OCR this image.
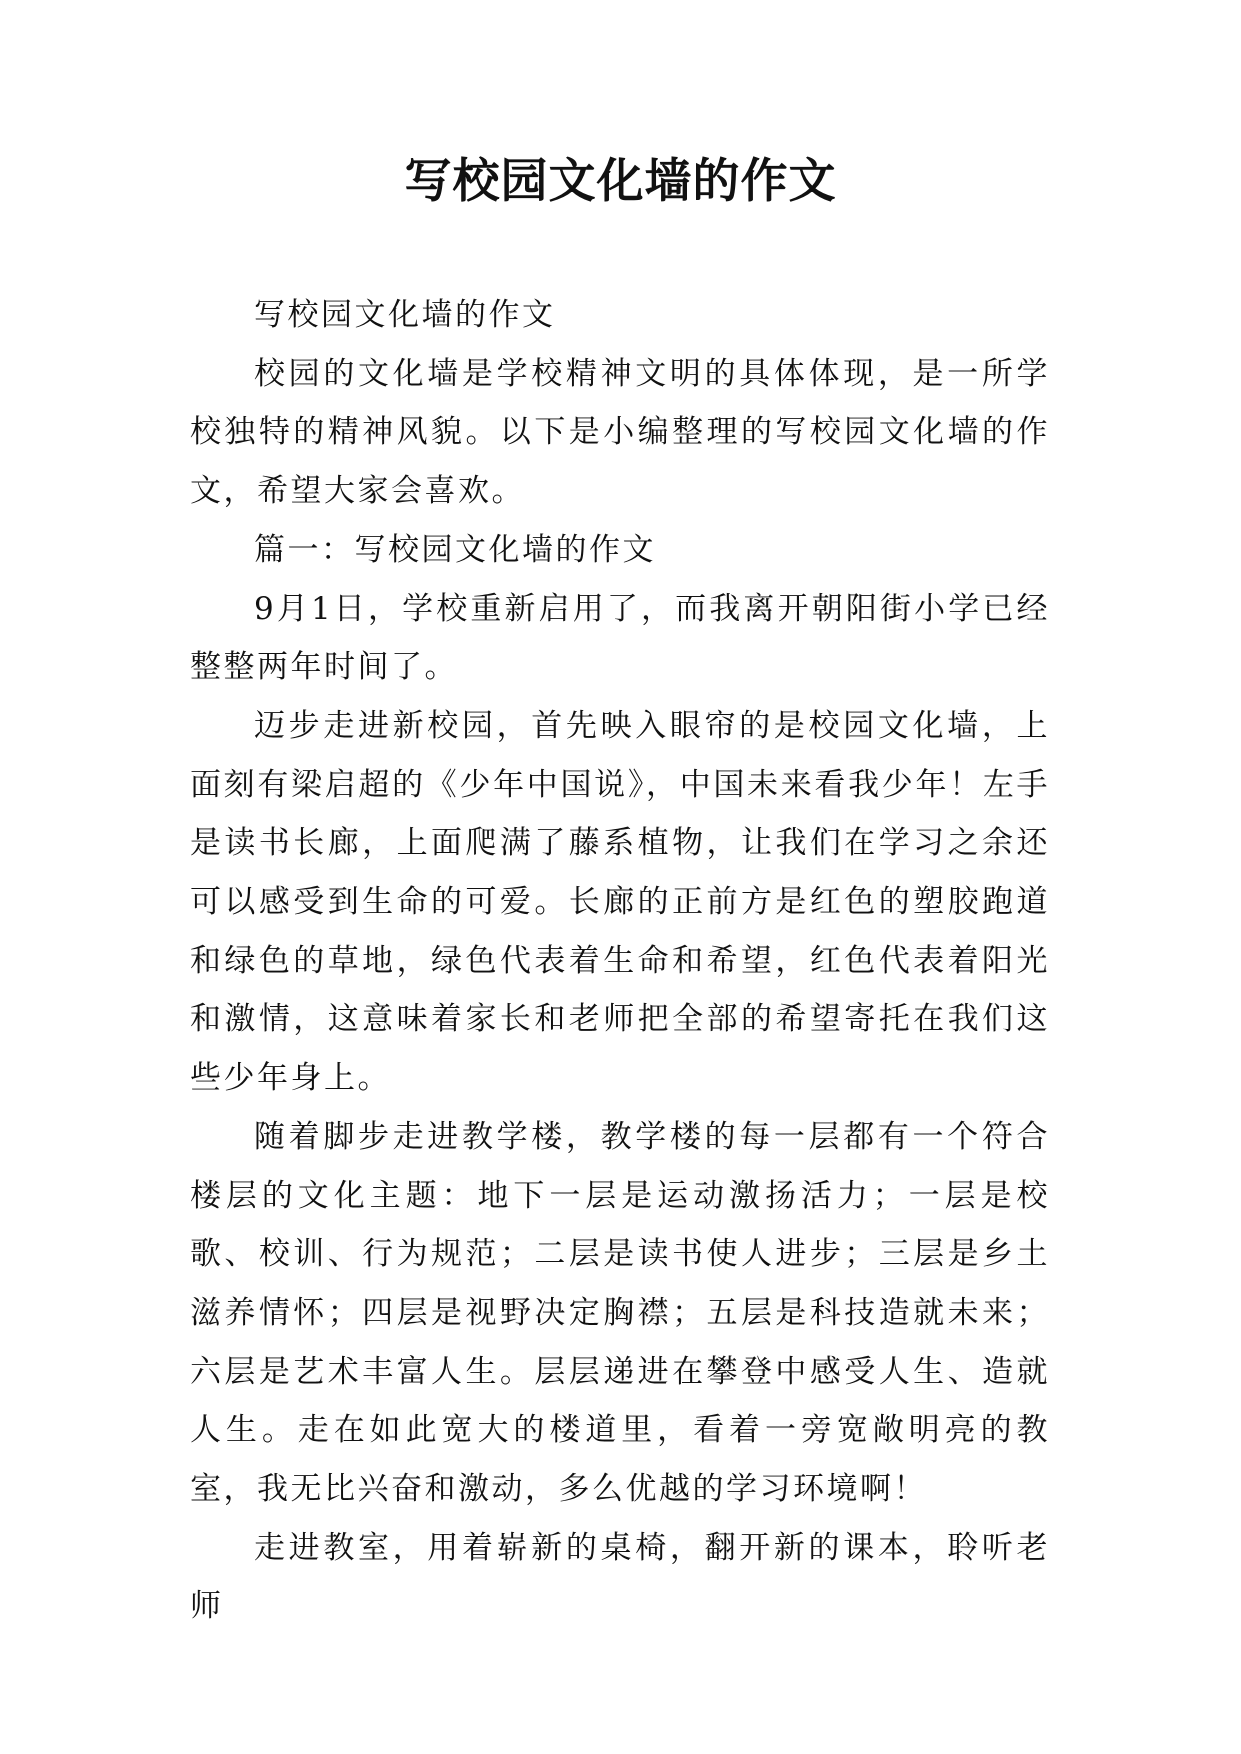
写校园文化墙的作文

写校园文化墙的作文

校园的文化墙是学校精神文明的具体体现，是一所学校独特的精神风貌。以下是小编整理的写校园文化墙的作文，希望大家会喜欢。

篇一：写校园文化墙的作文

9月1日，学校重新启用了，而我离开朝阳街小学已经整整两年时间了。

迈步走进新校园，首先映入眼帘的是校园文化墙，上面刻有梁启超的《少年中国说》，中国未来看我少年！左手是读书长廊，上面爬满了藤系植物，让我们在学习之余还可以感受到生命的可爱。长廊的正前方是红色的塑胶跑道和绿色的草地，绿色代表着生命和希望，红色代表着阳光和激情，这意味着家长和老师把全部的希望寄托在我们这些少年身上。

随着脚步走进教学楼，教学楼的每一层都有一个符合楼层的文化主题：地下一层是运动激扬活力；一层是校歌、校训、行为规范；二层是读书使人进步；三层是乡土滋养情怀；四层是视野决定胸襟；五层是科技造就未来；六层是艺术丰富人生。层层递进在攀登中感受人生、造就人生。走在如此宽大的楼道里，看着一旁宽敞明亮的教室，我无比兴奋和激动，多么优越的学习环境啊！

走进教室，用着崭新的桌椅，翻开新的课本，聆听老师
